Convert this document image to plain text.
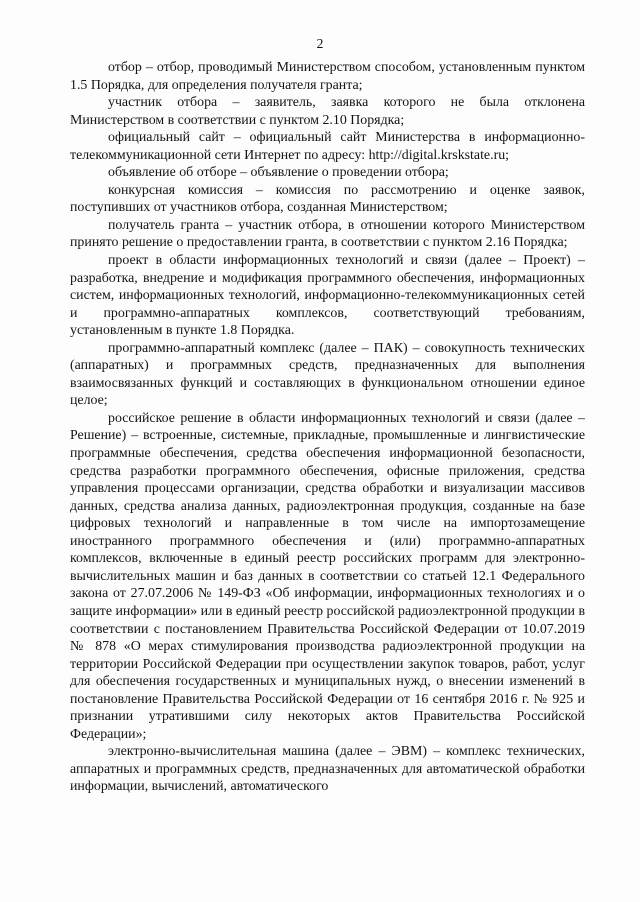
2

отбор – отбор, проводимый Министерством способом, установленным пунктом 1.5 Порядка, для определения получателя гранта;

участник отбора – заявитель, заявка которого не была отклонена Министерством в соответствии с пунктом 2.10 Порядка;

официальный сайт – официальный сайт Министерства в информационно-телекоммуникационной сети Интернет по адресу: http://digital.krskstate.ru;

объявление об отборе – объявление о проведении отбора;

конкурсная комиссия – комиссия по рассмотрению и оценке заявок, поступивших от участников отбора, созданная Министерством;

получатель гранта – участник отбора, в отношении которого Министерством принято решение о предоставлении гранта, в соответствии с пунктом 2.16 Порядка;

проект в области информационных технологий и связи (далее – Проект) – разработка, внедрение и модификация программного обеспечения, информационных систем, информационных технологий, информационно-телекоммуникационных сетей и программно-аппаратных комплексов, соответствующий требованиям, установленным в пункте 1.8 Порядка.

программно-аппаратный комплекс (далее – ПАК) – совокупность технических (аппаратных) и программных средств, предназначенных для выполнения взаимосвязанных функций и составляющих в функциональном отношении единое целое;

российское решение в области информационных технологий и связи (далее – Решение) – встроенные, системные, прикладные, промышленные и лингвистические программные обеспечения, средства обеспечения информационной безопасности, средства разработки программного обеспечения, офисные приложения, средства управления процессами организации, средства обработки и визуализации массивов данных, средства анализа данных, радиоэлектронная продукция, созданные на базе цифровых технологий и направленные в том числе на импортозамещение иностранного программного обеспечения и (или) программно-аппаратных комплексов, включенные в единый реестр российских программ для электронно-вычислительных машин и баз данных в соответствии со статьей 12.1 Федерального закона от 27.07.2006 № 149-ФЗ «Об информации, информационных технологиях и о защите информации» или в единый реестр российской радиоэлектронной продукции в соответствии с постановлением Правительства Российской Федерации от 10.07.2019 № 878 «О мерах стимулирования производства радиоэлектронной продукции на территории Российской Федерации при осуществлении закупок товаров, работ, услуг для обеспечения государственных и муниципальных нужд, о внесении изменений в постановление Правительства Российской Федерации от 16 сентября 2016 г. № 925 и признании утратившими силу некоторых актов Правительства Российской Федерации»;

электронно-вычислительная машина (далее – ЭВМ) – комплекс технических, аппаратных и программных средств, предназначенных для автоматической обработки информации, вычислений, автоматического
